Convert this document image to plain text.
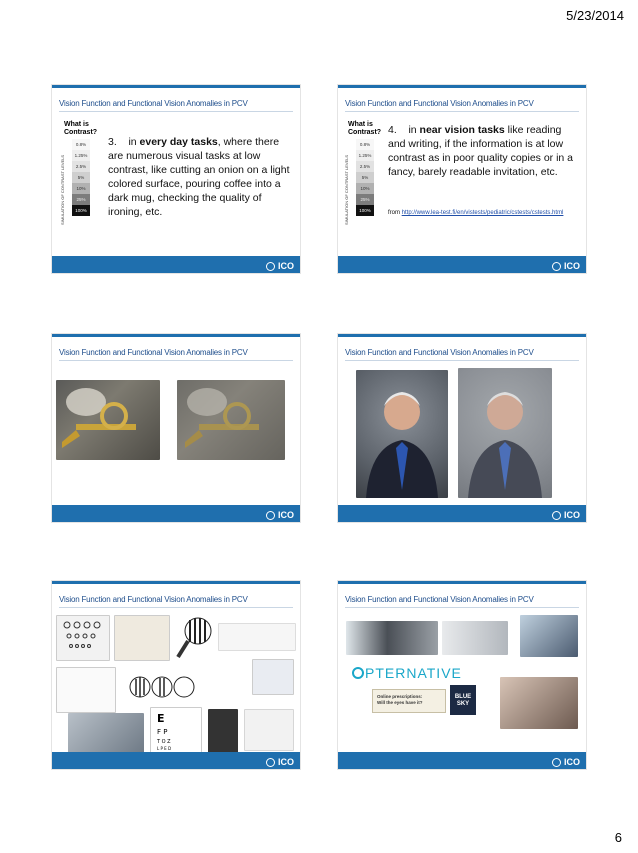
5/23/2014
Vision Function and Functional Vision Anomalies in PCV
What is Contrast?
0.8%
1.25%
2.5%
5%
10%
25%
100%
SIMULATION OF CONTRAST LEVELS
3. in every day tasks, where there are numerous visual tasks at low contrast, like cutting an onion on a light colored surface, pouring coffee into a dark mug, checking the quality of ironing, etc.
ICO
Vision Function and Functional Vision Anomalies in PCV
What is Contrast?
0.8%
1.25%
2.5%
5%
10%
25%
100%
SIMULATION OF CONTRAST LEVELS
4. in near vision tasks like reading and writing, if the information is at low contrast as in poor quality copies or in a fancy, barely readable invitation, etc.
from http://www.lea-test.fi/en/vistests/pediatric/cstests/cstests.html
ICO
Vision Function and Functional Vision Anomalies in PCV
ICO
Vision Function and Functional Vision Anomalies in PCV
ICO
Vision Function and Functional Vision Anomalies in PCV
E
F P
T O Z
L P E D
ICO
Vision Function and Functional Vision Anomalies in PCV
PTERNATIVE
Online prescriptions:
Will the eyes have it?
BLUE SKY
ICO
6
